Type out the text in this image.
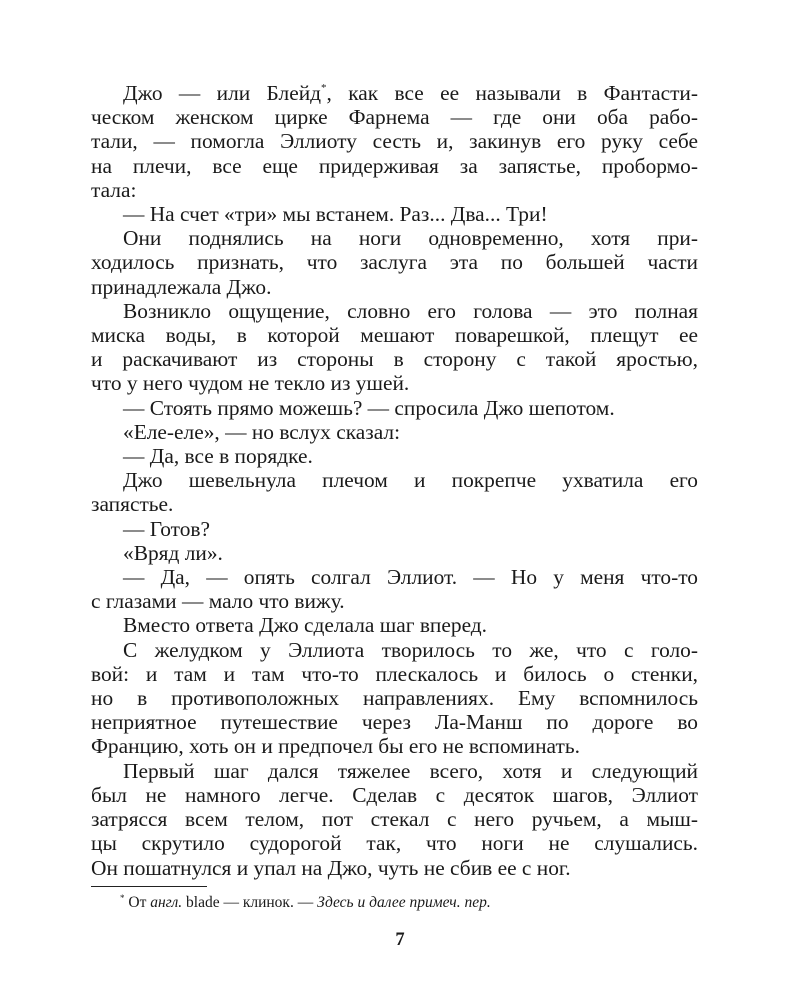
Джо — или Блейд*, как все ее называли в Фантасти-
ческом женском цирке Фарнема — где они оба рабо-
тали, — помогла Эллиоту сесть и, закинув его руку себе
на плечи, все еще придерживая за запястье, пробормо-
тала:

— На счет «три» мы встанем. Раз... Два... Три!

Они поднялись на ноги одновременно, хотя при-
ходилось признать, что заслуга эта по большей части
принадлежала Джо.

Возникло ощущение, словно его голова — это полная
миска воды, в которой мешают поварешкой, плещут ее
и раскачивают из стороны в сторону с такой яростью,
что у него чудом не текло из ушей.

— Стоять прямо можешь? — спросила Джо шепотом.

«Еле-еле», — но вслух сказал:

— Да, все в порядке.

Джо шевельнула плечом и покрепче ухватила его
запястье.

— Готов?

«Вряд ли».

— Да, — опять солгал Эллиот. — Но у меня что-то
с глазами — мало что вижу.

Вместо ответа Джо сделала шаг вперед.

С желудком у Эллиота творилось то же, что с голо-
вой: и там и там что-то плескалось и билось о стенки,
но в противоположных направлениях. Ему вспомнилось
неприятное путешествие через Ла-Манш по дороге во
Францию, хоть он и предпочел бы его не вспоминать.

Первый шаг дался тяжелее всего, хотя и следующий
был не намного легче. Сделав с десяток шагов, Эллиот
затрясся всем телом, пот стекал с него ручьем, а мыш-
цы скрутило судорогой так, что ноги не слушались.
Он пошатнулся и упал на Джо, чуть не сбив ее с ног.

* От англ. blade — клинок. — Здесь и далее примеч. пер.
7
